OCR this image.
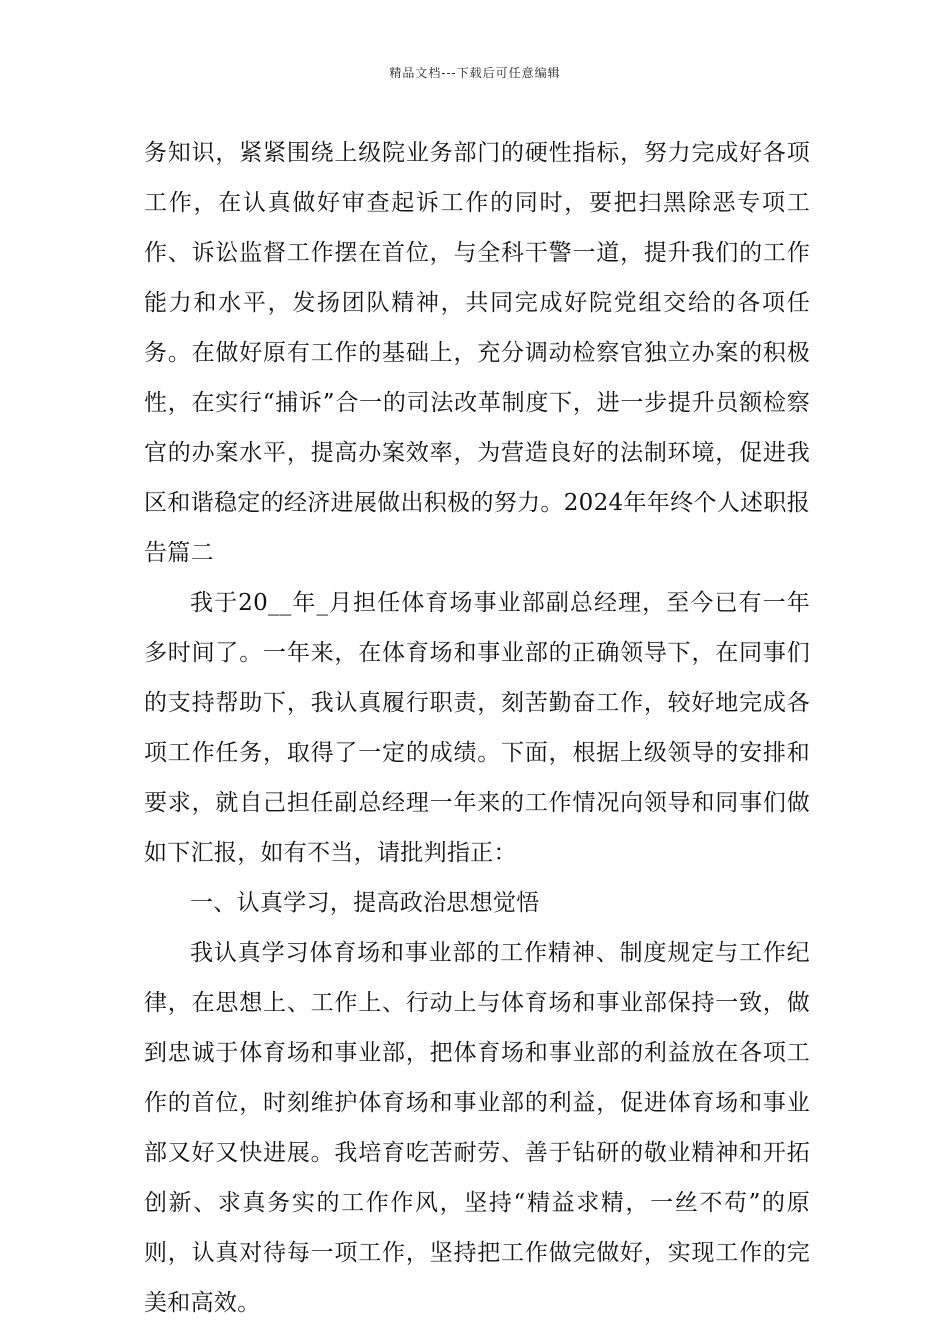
精品文档---下载后可任意编辑

务知识，紧紧围绕上级院业务部门的硬性指标，努力完成好各项工作，在认真做好审查起诉工作的同时，要把扫黑除恶专项工作、诉讼监督工作摆在首位，与全科干警一道，提升我们的工作能力和水平，发扬团队精神，共同完成好院党组交给的各项任务。在做好原有工作的基础上，充分调动检察官独立办案的积极性，在实行“捕诉”合一的司法改革制度下，进一步提升员额检察官的办案水平，提高办案效率，为营造良好的法制环境，促进我区和谐稳定的经济进展做出积极的努力。2024年年终个人述职报告篇二

我于20__年_月担任体育场事业部副总经理，至今已有一年多时间了。一年来，在体育场和事业部的正确领导下，在同事们的支持帮助下，我认真履行职责，刻苦勤奋工作，较好地完成各项工作任务，取得了一定的成绩。下面，根据上级领导的安排和要求，就自己担任副总经理一年来的工作情况向领导和同事们做如下汇报，如有不当，请批判指正：

一、认真学习，提高政治思想觉悟

我认真学习体育场和事业部的工作精神、制度规定与工作纪律，在思想上、工作上、行动上与体育场和事业部保持一致，做到忠诚于体育场和事业部，把体育场和事业部的利益放在各项工作的首位，时刻维护体育场和事业部的利益，促进体育场和事业部又好又快进展。我培育吃苦耐劳、善于钻研的敬业精神和开拓创新、求真务实的工作作风，坚持“精益求精，一丝不苟”的原则，认真对待每一项工作，坚持把工作做完做好，实现工作的完美和高效。
